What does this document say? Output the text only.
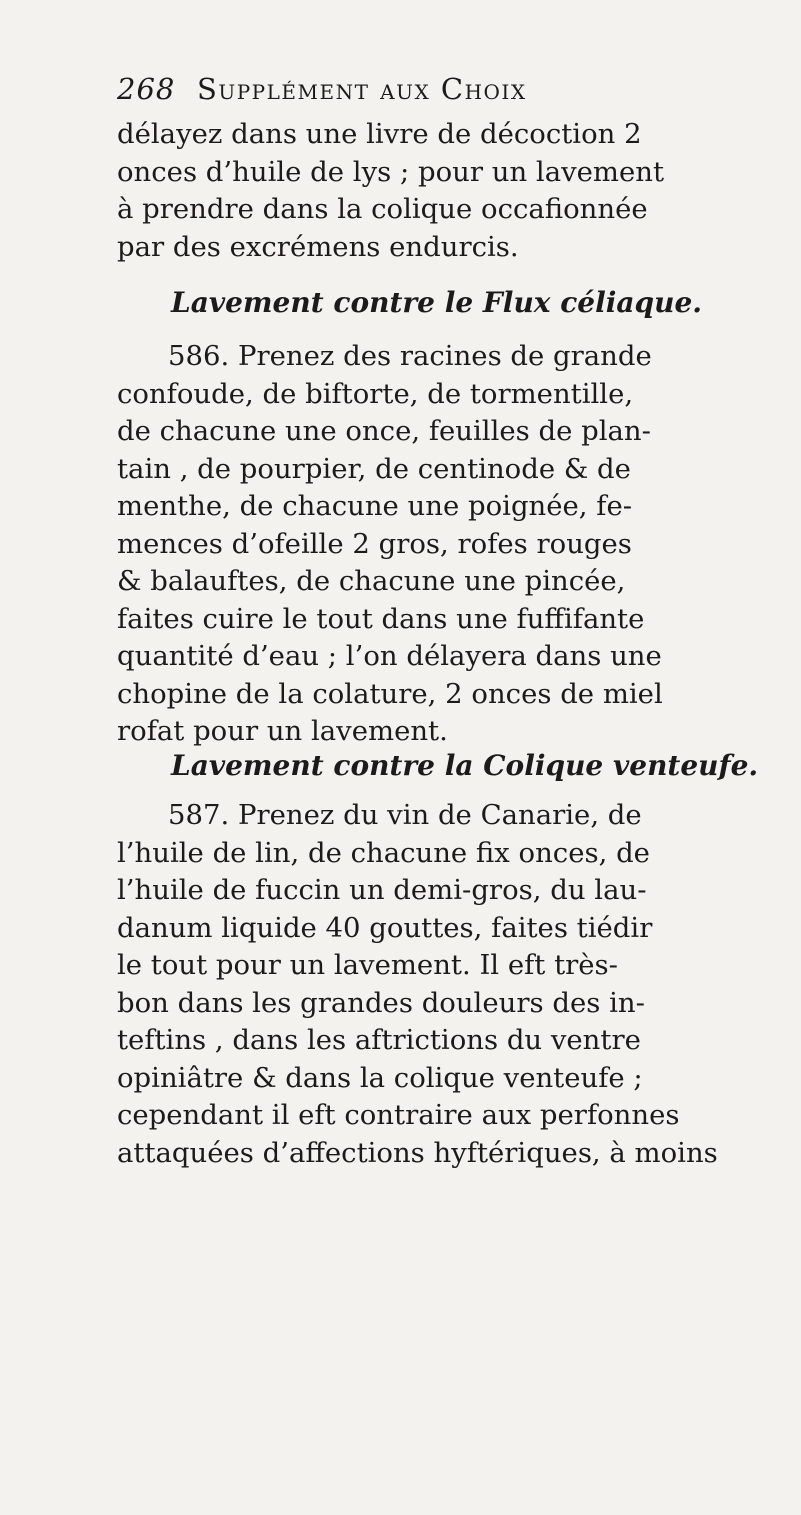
268 Supplément aux Choix
délayez dans une livre de décoction 2
onces d’huile de lys ; pour un lavement
à prendre dans la colique occafionnée
par des excrémens endurcis.
Lavement contre le Flux céliaque.
586. Prenez des racines de grande
confoude, de biftorte, de tormentille,
de chacune une once, feuilles de plan-
tain , de pourpier, de centinode & de
menthe, de chacune une poignée, fe-
mences d’ofeille 2 gros, rofes rouges
& balauftes, de chacune une pincée,
faites cuire le tout dans une fuffifante
quantité d’eau ; l’on délayera dans une
chopine de la colature, 2 onces de miel
rofat pour un lavement.
Lavement contre la Colique venteufe.
587. Prenez du vin de Canarie, de
l’huile de lin, de chacune fix onces, de
l’huile de fuccin un demi-gros, du lau-
danum liquide 40 gouttes, faites tiédir
le tout pour un lavement. Il eft très-
bon dans les grandes douleurs des in-
teftins , dans les aftrictions du ventre
opiniâtre & dans la colique venteufe ;
cependant il eft contraire aux perfonnes
attaquées d’affections hyftériques, à moins
